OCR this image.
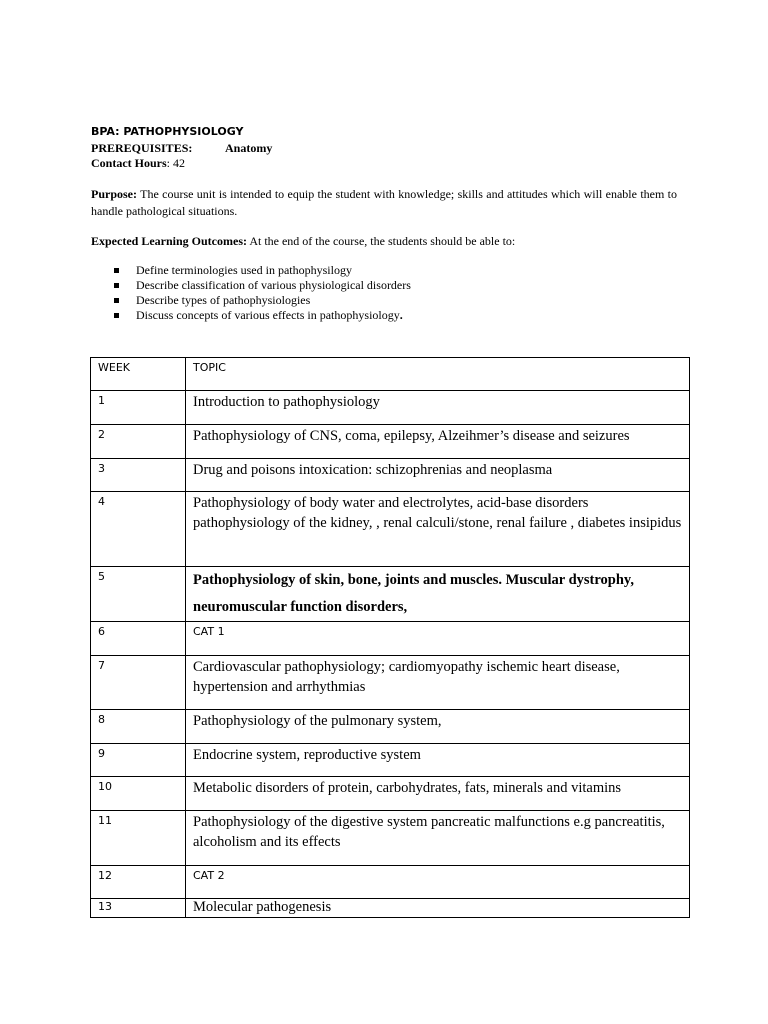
BPA: PATHOPHYSIOLOGY
PREREQUISITES:	Anatomy
Contact Hours: 42
Purpose: The course unit is intended to equip the student with knowledge; skills and attitudes which will enable them to handle pathological situations.
Expected Learning Outcomes: At the end of the course, the students should be able to:
Define terminologies used in pathophysilogy
Describe classification of various physiological disorders
Describe types of pathophysiologies
Discuss concepts of various effects in pathophysiology.
WEEK	TOPIC
1	Introduction to pathophysiology
2	Pathophysiology of CNS, coma, epilepsy, Alzeihmer’s disease and seizures
3	Drug and poisons intoxication: schizophrenias and neoplasma
4	Pathophysiology of body water and electrolytes, acid-base disorders pathophysiology of the kidney, , renal calculi/stone, renal failure , diabetes insipidus
5	Pathophysiology of skin, bone, joints and muscles. Muscular dystrophy, neuromuscular function disorders,
6	CAT 1
7	Cardiovascular pathophysiology; cardiomyopathy ischemic heart disease, hypertension and arrhythmias
8	Pathophysiology of the pulmonary system,
9	Endocrine system, reproductive system
10	Metabolic disorders of protein, carbohydrates, fats, minerals and vitamins
11	Pathophysiology of the digestive system pancreatic malfunctions e.g pancreatitis, alcoholism and its effects
12	CAT 2
13	Molecular pathogenesis
